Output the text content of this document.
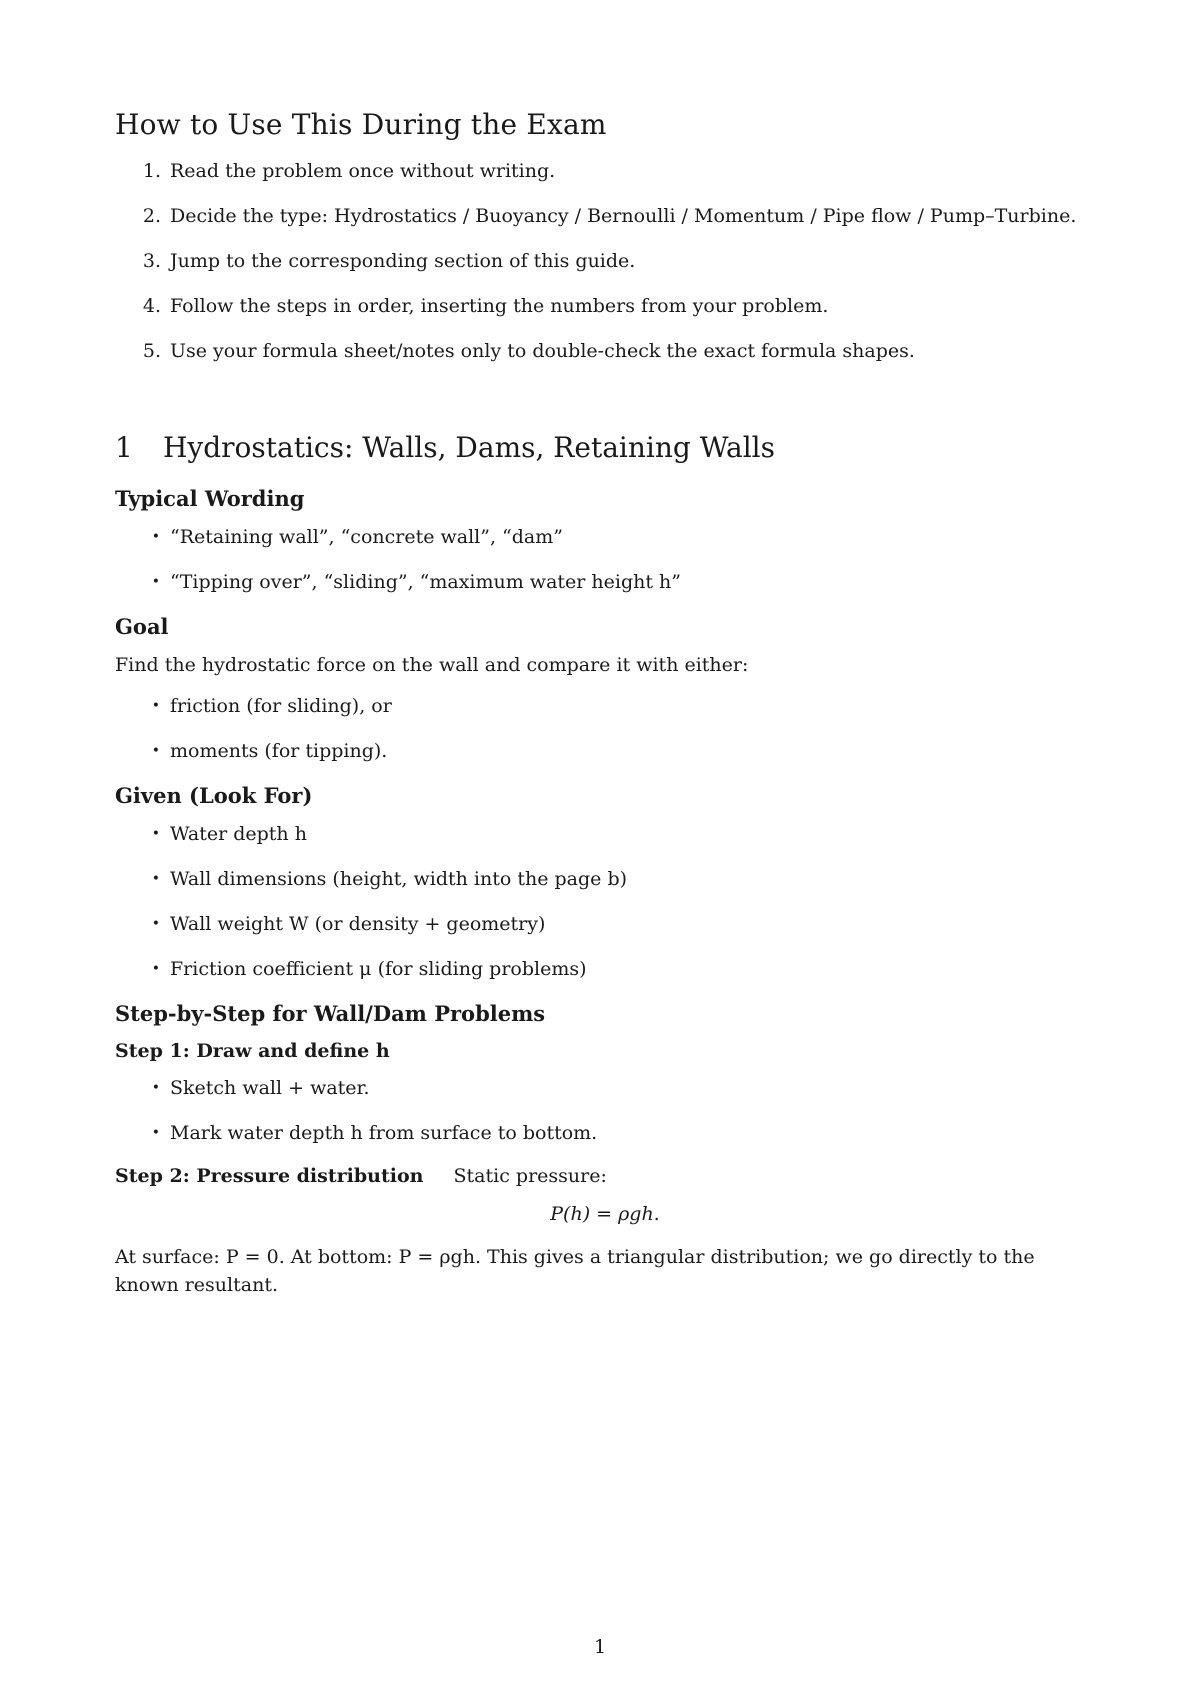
How to Use This During the Exam
1. Read the problem once without writing.
2. Decide the type: Hydrostatics / Buoyancy / Bernoulli / Momentum / Pipe flow / Pump–Turbine.
3. Jump to the corresponding section of this guide.
4. Follow the steps in order, inserting the numbers from your problem.
5. Use your formula sheet/notes only to double-check the exact formula shapes.
1	Hydrostatics: Walls, Dams, Retaining Walls
Typical Wording
• “Retaining wall”, “concrete wall”, “dam”
• “Tipping over”, “sliding”, “maximum water height h”
Goal

Find the hydrostatic force on the wall and compare it with either:

• friction (for sliding), or
• moments (for tipping).
Given (Look For)
• Water depth h
• Wall dimensions (height, width into the page b)
• Wall weight W (or density + geometry)
• Friction coefficient μ (for sliding problems)
Step-by-Step for Wall/Dam Problems
Step 1: Draw and define h
• Sketch wall + water.
• Mark water depth h from surface to bottom.
Step 2: Pressure distribution Static pressure:
P(h) = ρgh.

At surface: P = 0. At bottom: P = ρgh. This gives a triangular distribution; we go directly to the known resultant.

1
